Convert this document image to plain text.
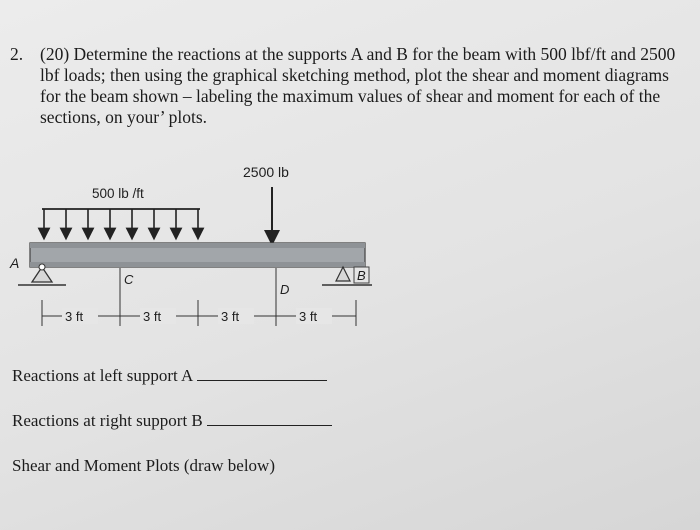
2. (20) Determine the reactions at the supports A and B for the beam with 500 lbf/ft and 2500 lbf loads; then using the graphical sketching method, plot the shear and moment diagrams for the beam shown – labeling the maximum values of shear and moment for each of the sections, on your’ plots.
2500 lb
500 lb /ft
A
B
C
D
3 ft	3 ft	3 ft	3 ft
Reactions at left support A
Reactions at right support B
Shear and Moment Plots (draw below)
